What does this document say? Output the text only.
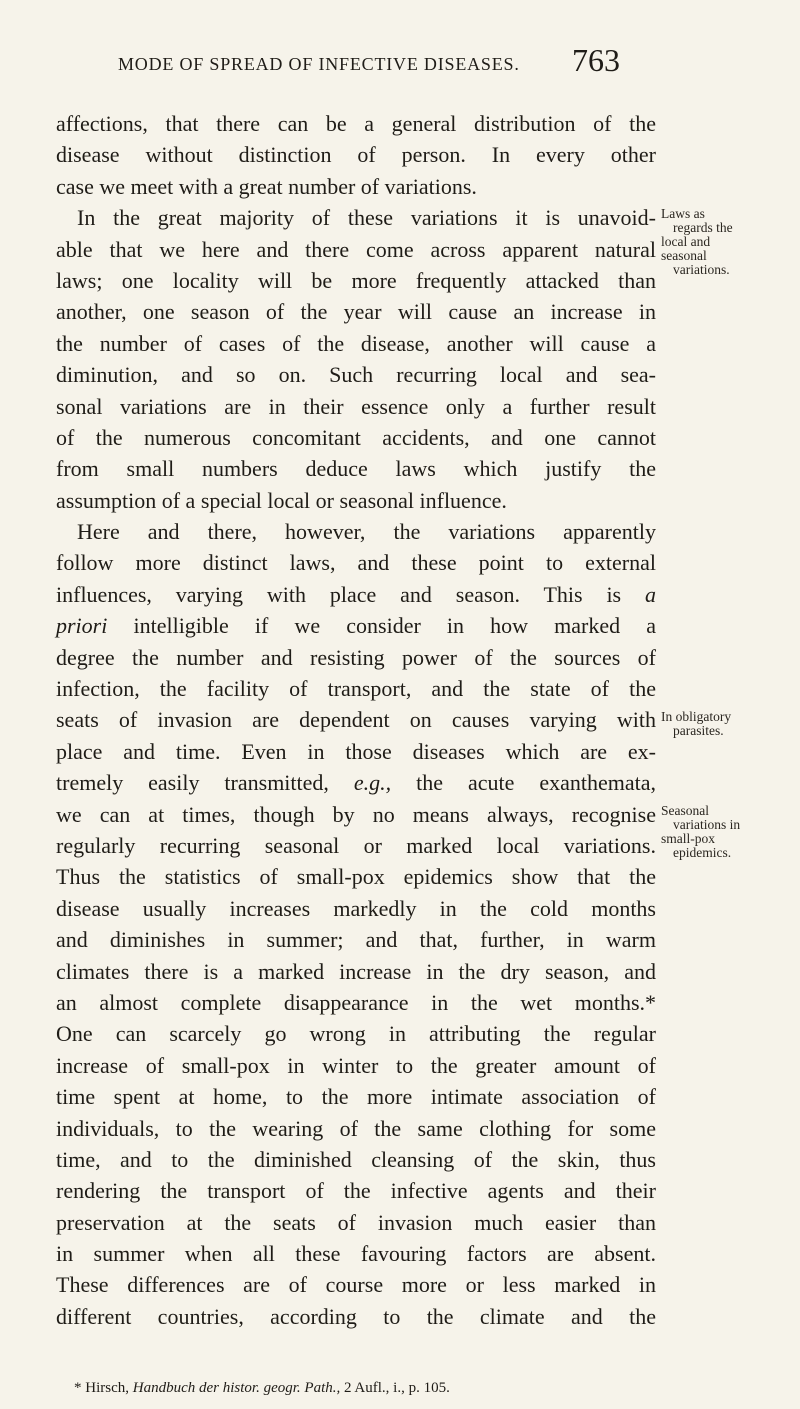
MODE OF SPREAD OF INFECTIVE DISEASES. 763
affections, that there can be a general distribution of the
disease without distinction of person. In every other
case we meet with a great number of variations.
In the great majority of these variations it is unavoid-
able that we here and there come across apparent natural
laws; one locality will be more frequently attacked than
another, one season of the year will cause an increase in
the number of cases of the disease, another will cause a
diminution, and so on. Such recurring local and sea-
sonal variations are in their essence only a further result
of the numerous concomitant accidents, and one cannot
from small numbers deduce laws which justify the
assumption of a special local or seasonal influence.
Here and there, however, the variations apparently
follow more distinct laws, and these point to external
influences, varying with place and season. This is a
priori intelligible if we consider in how marked a
degree the number and resisting power of the sources of
infection, the facility of transport, and the state of the
seats of invasion are dependent on causes varying with
place and time. Even in those diseases which are ex-
tremely easily transmitted, e.g., the acute exanthemata,
we can at times, though by no means always, recognise
regularly recurring seasonal or marked local variations.
Thus the statistics of small-pox epidemics show that the
disease usually increases markedly in the cold months
and diminishes in summer; and that, further, in warm
climates there is a marked increase in the dry season, and
an almost complete disappearance in the wet months.*
One can scarcely go wrong in attributing the regular
increase of small-pox in winter to the greater amount of
time spent at home, to the more intimate association of
individuals, to the wearing of the same clothing for some
time, and to the diminished cleansing of the skin, thus
rendering the transport of the infective agents and their
preservation at the seats of invasion much easier than
in summer when all these favouring factors are absent.
These differences are of course more or less marked in
different countries, according to the climate and the
Laws as
regards the
local and
seasonal
variations.
In obligatory
parasites.
Seasonal
variations in
small-pox
epidemics.
* Hirsch, Handbuch der histor. geogr. Path., 2 Aufl., i., p. 105.
